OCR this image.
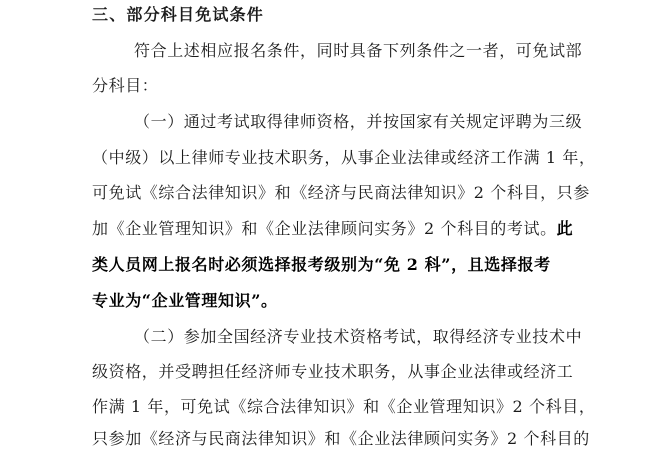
三、部分科目免试条件
符合上述相应报名条件，同时具备下列条件之一者，可免试部
分科目：
（一）通过考试取得律师资格，并按国家有关规定评聘为三级
（中级）以上律师专业技术职务，从事企业法律或经济工作满 1 年，
可免试《综合法律知识》和《经济与民商法律知识》2 个科目，只参
加《企业管理知识》和《企业法律顾问实务》2 个科目的考试。此
类人员网上报名时必须选择报考级别为“免 2 科”，且选择报考
专业为“企业管理知识”。
（二）参加全国经济专业技术资格考试，取得经济专业技术中
级资格，并受聘担任经济师专业技术职务，从事企业法律或经济工
作满 1 年，可免试《综合法律知识》和《企业管理知识》2 个科目，
只参加《经济与民商法律知识》和《企业法律顾问实务》2 个科目的
